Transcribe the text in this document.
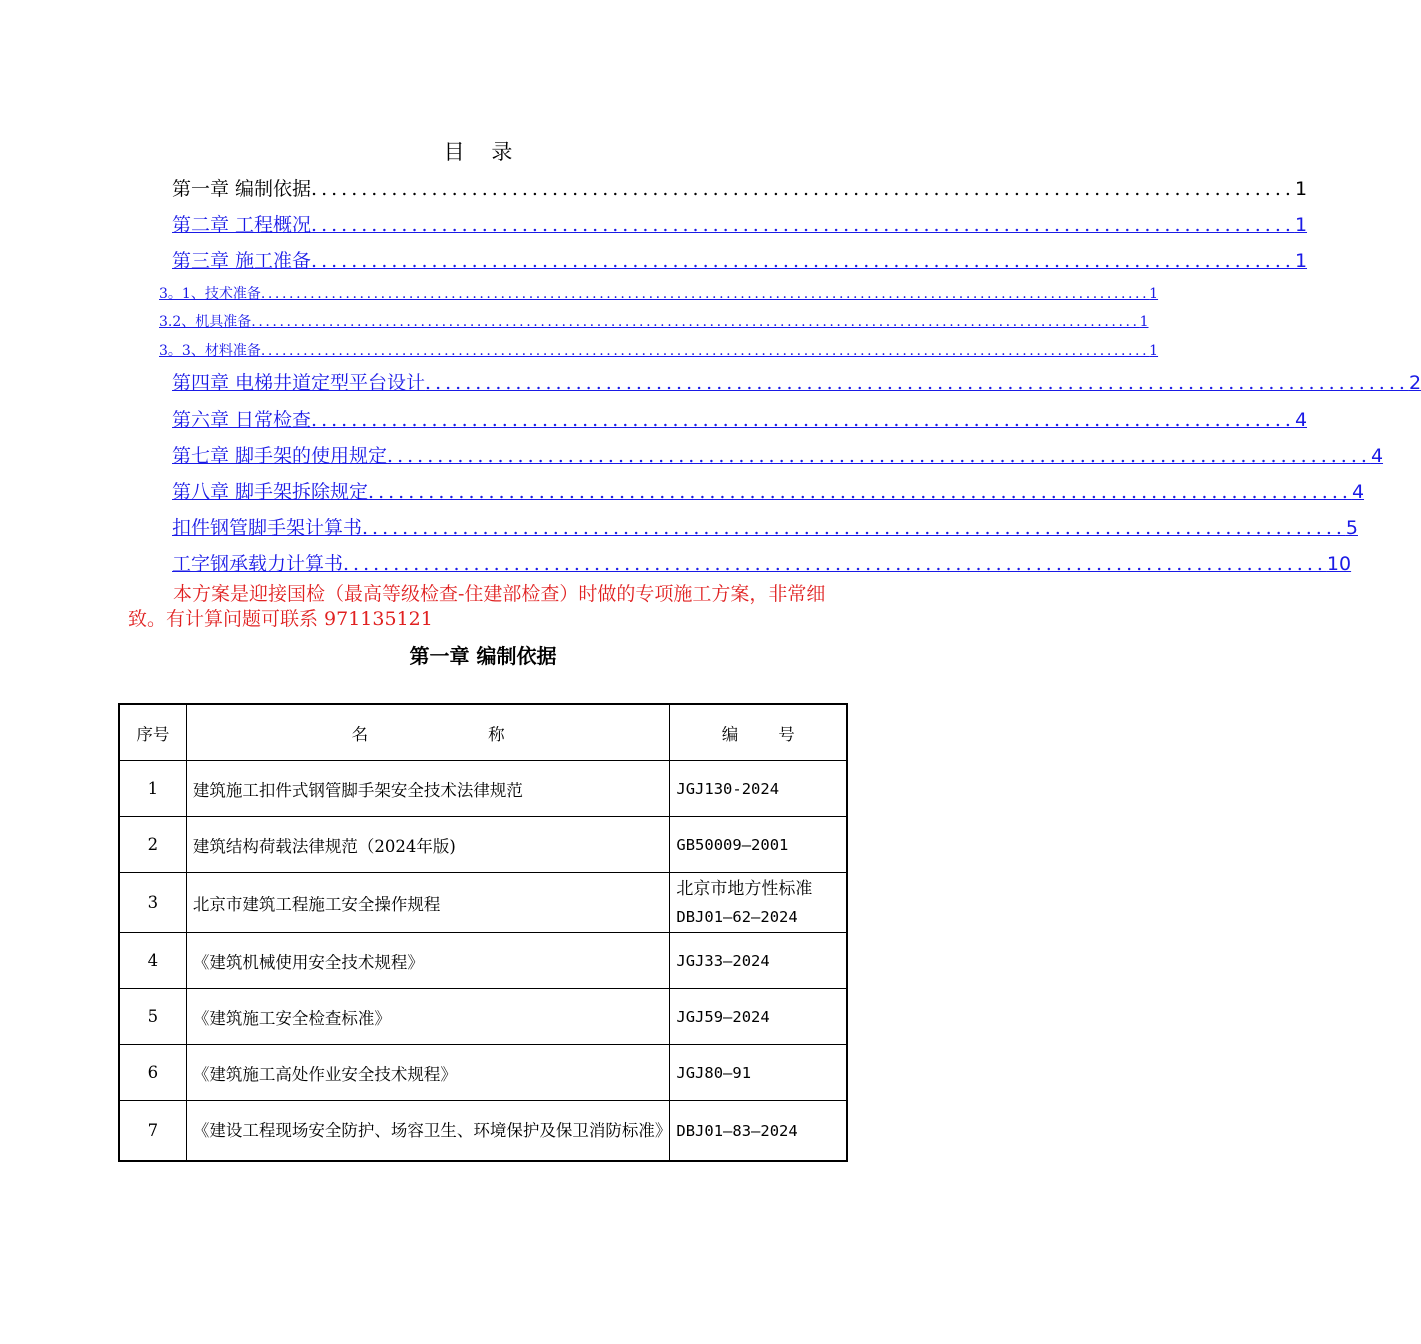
目 录
第一章 编制依据 .................................................................................................. 1
第二章 工程概况 .................................................................................................. 1
第三章 施工准备 .................................................................................................. 1
3。1、技术准备 .............................................................................................................................. 1
3.2、机具准备 .............................................................................................................................. 1
3。3、材料准备 .............................................................................................................................. 1
第四章 电梯井道定型平台设计 .................................................................................................. 2
第六章 日常检查 .................................................................................................. 4
第七章 脚手架的使用规定 .................................................................................................. 4
第八章 脚手架拆除规定 .................................................................................................. 4
扣件钢管脚手架计算书 .................................................................................................. 5
工字钢承载力计算书 .................................................................................................. 10
本方案是迎接国检（最高等级检查-住建部检查）时做的专项施工方案，非常细致。有计算问题可联系 971135121
第一章 编制依据
序号	名 称	编 号
1	建筑施工扣件式钢管脚手架安全技术法律规范	JGJ130-2024
2	建筑结构荷载法律规范（2024年版)	GB50009—2001
3	北京市建筑工程施工安全操作规程	北京市地方性标准
DBJ01—62—2024

4	《建筑机械使用安全技术规程》	JGJ33—2024
5	《建筑施工安全检查标准》	JGJ59—2024
6	《建筑施工高处作业安全技术规程》	JGJ80—91
7	《建设工程现场安全防护、场容卫生、环境保护及保卫消防标准》	DBJ01—83—2024
